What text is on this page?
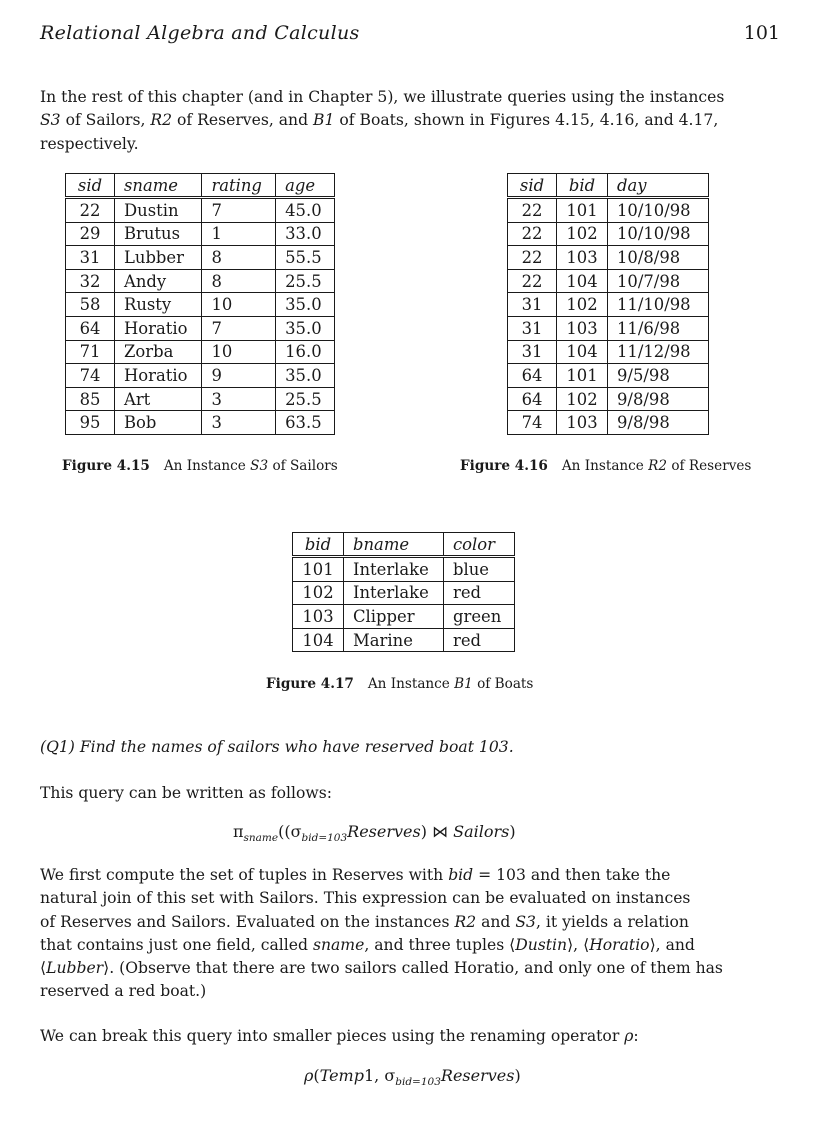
Relational Algebra and Calculus	101

In the rest of this chapter (and in Chapter 5), we illustrate queries using the instances
S3 of Sailors, R2 of Reserves, and B1 of Boats, shown in Figures 4.15, 4.16, and 4.17,
respectively.

sid	sname	rating	age
22	Dustin	7	45.0
29	Brutus	1	33.0
31	Lubber	8	55.5
32	Andy	8	25.5
58	Rusty	10	35.0
64	Horatio	7	35.0
71	Zorba	10	16.0
74	Horatio	9	35.0
85	Art	3	25.5
95	Bob	3	63.5
sid	bid	day
22	101	10/10/98
22	102	10/10/98
22	103	10/8/98
22	104	10/7/98
31	102	11/10/98
31	103	11/6/98
31	104	11/12/98
64	101	9/5/98
64	102	9/8/98
74	103	9/8/98
Figure 4.15 An Instance S3 of Sailors	Figure 4.16 An Instance R2 of Reserves
bid	bname	color
101	Interlake	blue
102	Interlake	red
103	Clipper	green
104	Marine	red
Figure 4.17 An Instance B1 of Boats
(Q1) Find the names of sailors who have reserved boat 103.
This query can be written as follows:
$\pi_{sname}((\sigma_{bid=103}Reserves)$ ⋈ Sailors)

We first compute the set of tuples in Reserves with bid = 103 and then take the
natural join of this set with Sailors. This expression can be evaluated on instances
of Reserves and Sailors. Evaluated on the instances R2 and S3, it yields a relation
that contains just one field, called sname, and three tuples ⟨Dustin⟩, ⟨Horatio⟩, and
⟨Lubber⟩. (Observe that there are two sailors called Horatio, and only one of them has
reserved a red boat.)

We can break this query into smaller pieces using the renaming operator ρ:

ρ(Temp1, $\sigma_{bid=103}Reserves$)
